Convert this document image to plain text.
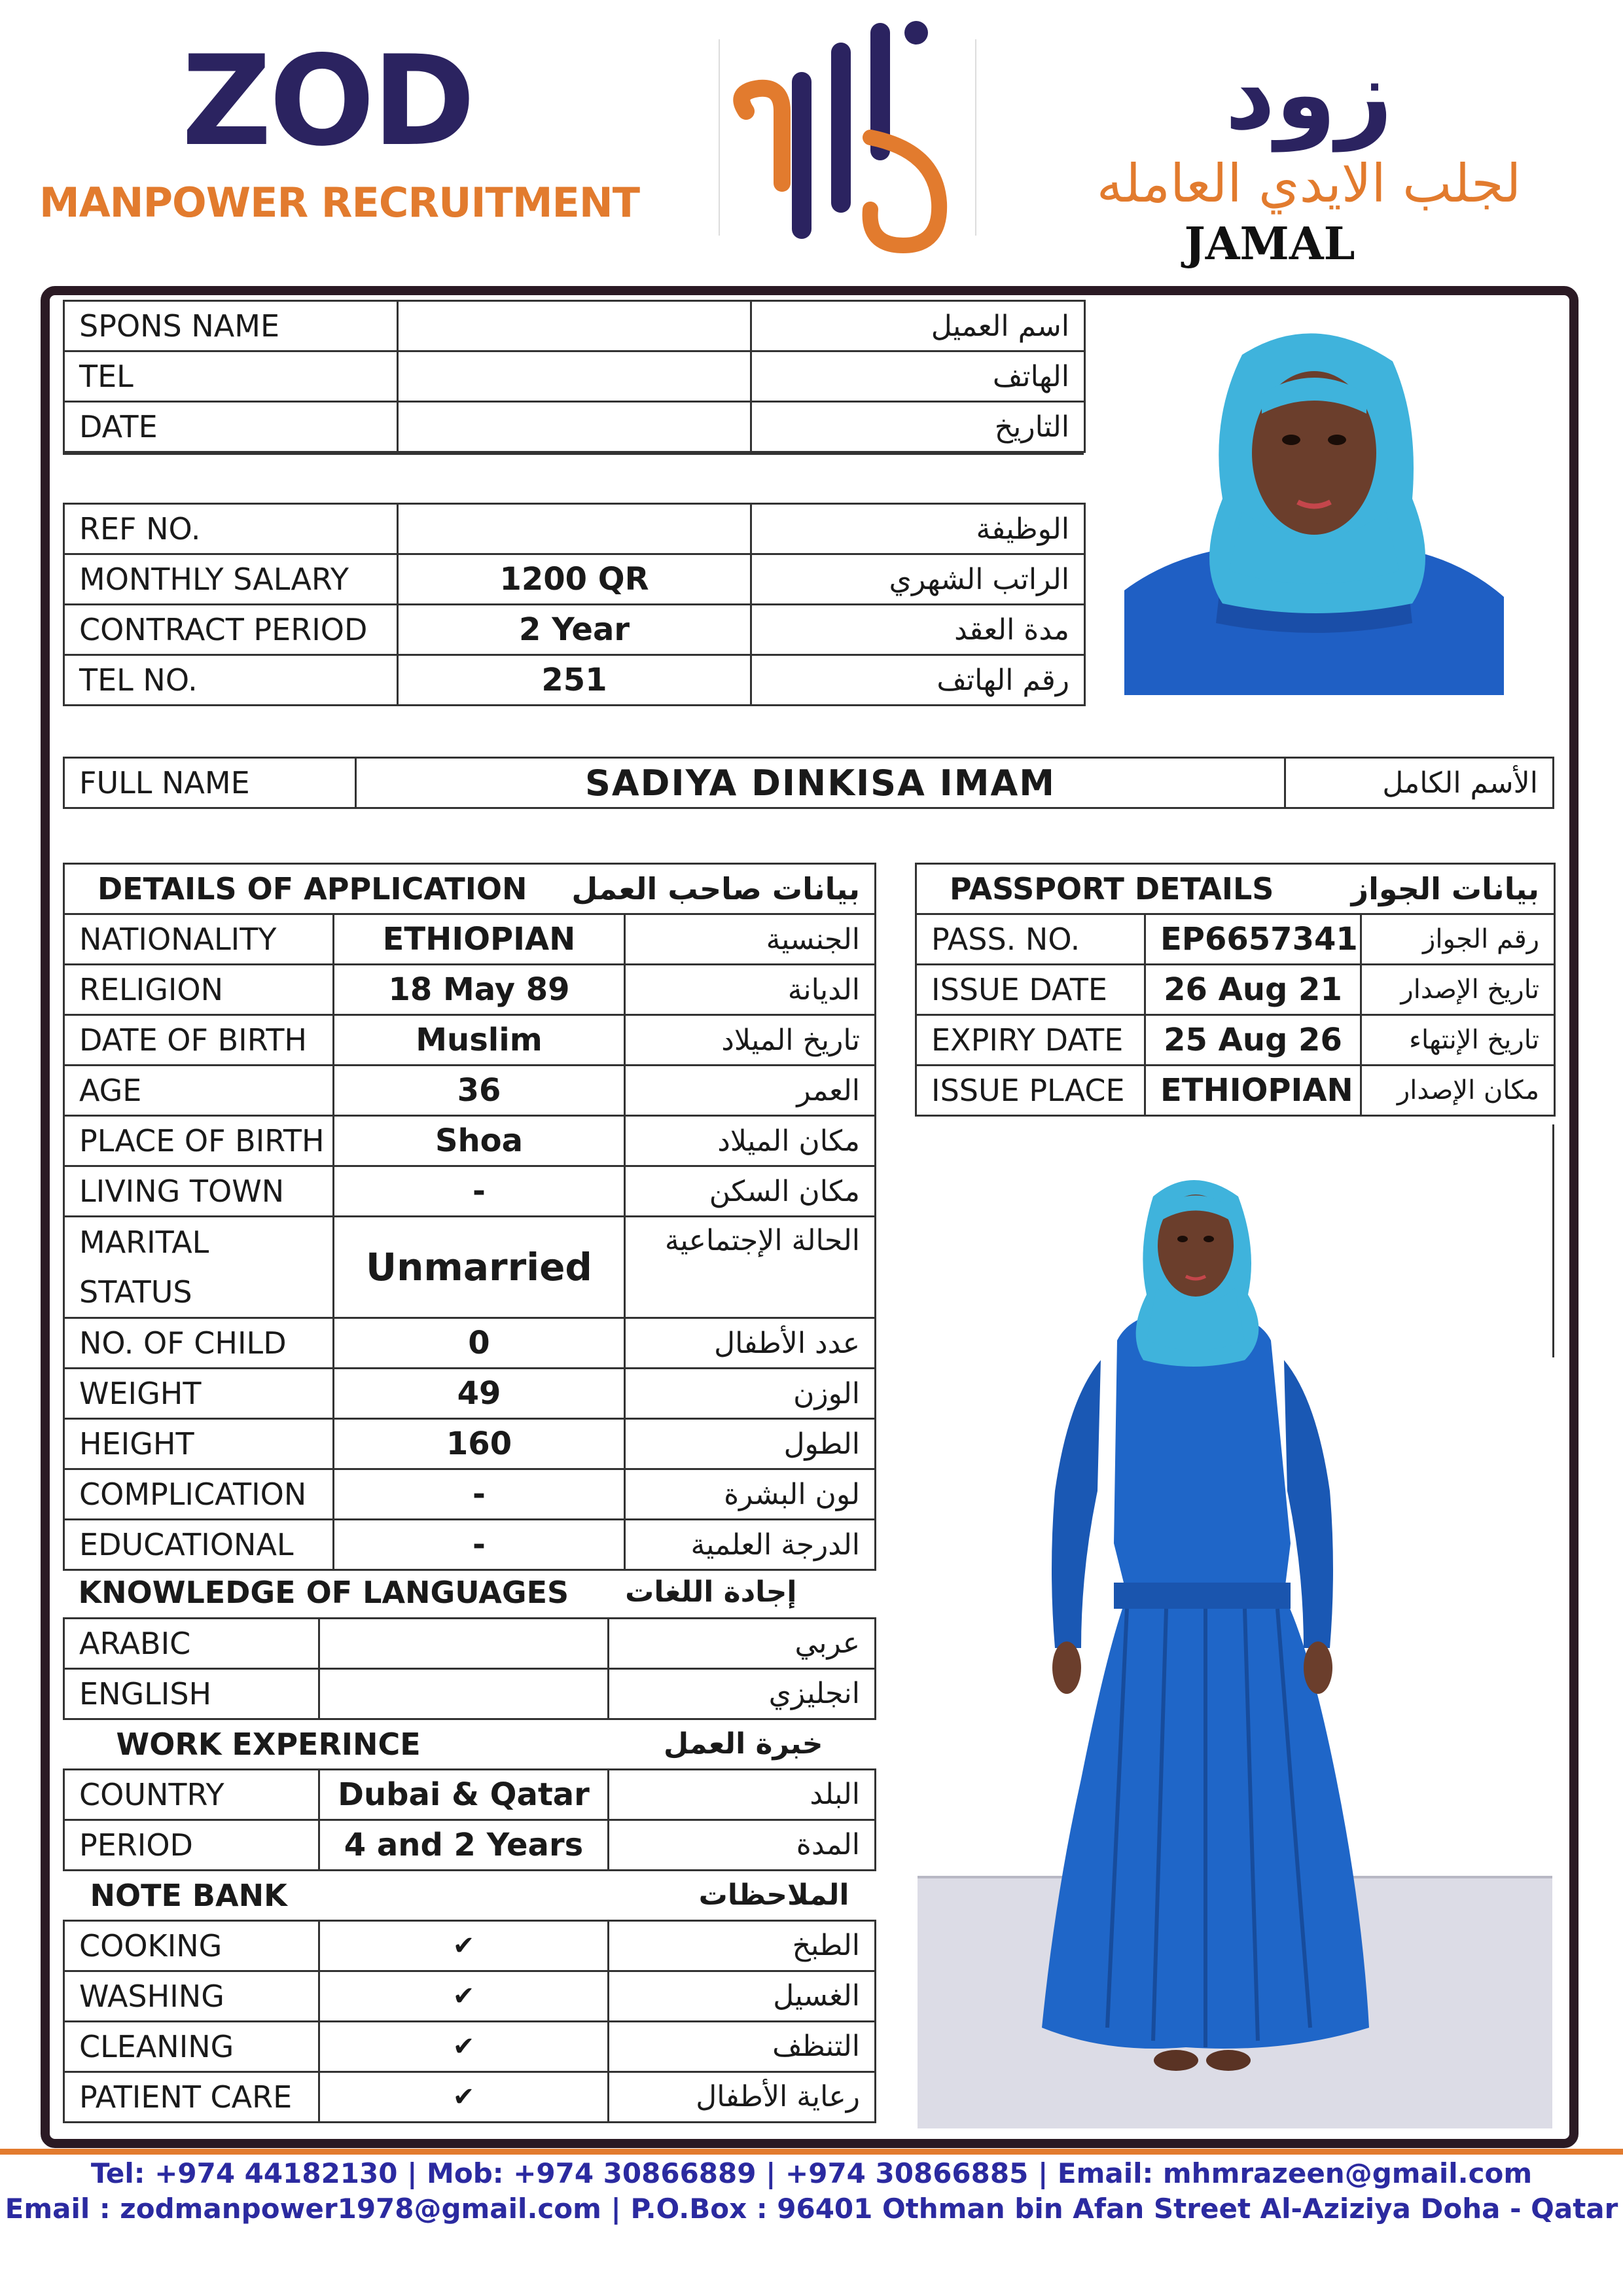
ZOD
MANPOWER RECRUITMENT
زود
لجلب الايدي العامله
JAMAL
SPONS NAME		اسم العميل
TEL		الهاتف
DATE		التاريخ
REF NO.		الوظيفة
MONTHLY SALARY	1200 QR	الراتب الشهري
CONTRACT PERIOD	2 Year	مدة العقد
TEL NO.	251	رقم الهاتف
FULL NAME	SADIYA DINKISA IMAM	الأسم الكامل
DETAILS OF APPLICATION		بيانات صاحب العمل
NATIONALITY	ETHIOPIAN	الجنسية
RELIGION	18 May 89	الديانة
DATE OF BIRTH	Muslim	تاريخ الميلاد
AGE	36	العمر
PLACE OF BIRTH	Shoa	مكان الميلاد
LIVING TOWN	-	مكان السكن
MARITAL STATUS	Unmarried	الحالة الإجتماعية
NO. OF CHILD	0	عدد الأطفال
WEIGHT	49	الوزن
HEIGHT	160	الطول
COMPLICATION	-	لون البشرة
EDUCATIONAL	-	الدرجة العلمية
KNOWLEDGE OF LANGUAGES		إجادة اللغات
ARABIC		عربي
ENGLISH		انجليزي
WORK EXPERINCE		خبرة العمل
COUNTRY	Dubai & Qatar	البلد
PERIOD	4 and 2 Years	المدة
NOTE BANK		الملاحظات
COOKING	✔	الطبخ
WASHING	✔	الغسيل
CLEANING	✔	التنظف
PATIENT CARE	✔	رعاية الأطفال
PASSPORT DETAILS		بيانات الجواز
PASS. NO.	EP6657341	رقم الجواز
ISSUE DATE	26 Aug 21	تاريخ الإصدار
EXPIRY DATE	25 Aug 26	تاريخ الإنتهاء
ISSUE PLACE	ETHIOPIAN	مكان الإصدار
Tel: +974 44182130 | Mob: +974 30866889 | +974 30866885 | Email: mhmrazeen@gmail.com
Email : zodmanpower1978@gmail.com | P.O.Box : 96401 Othman bin Afan Street Al-Aziziya Doha - Qatar
